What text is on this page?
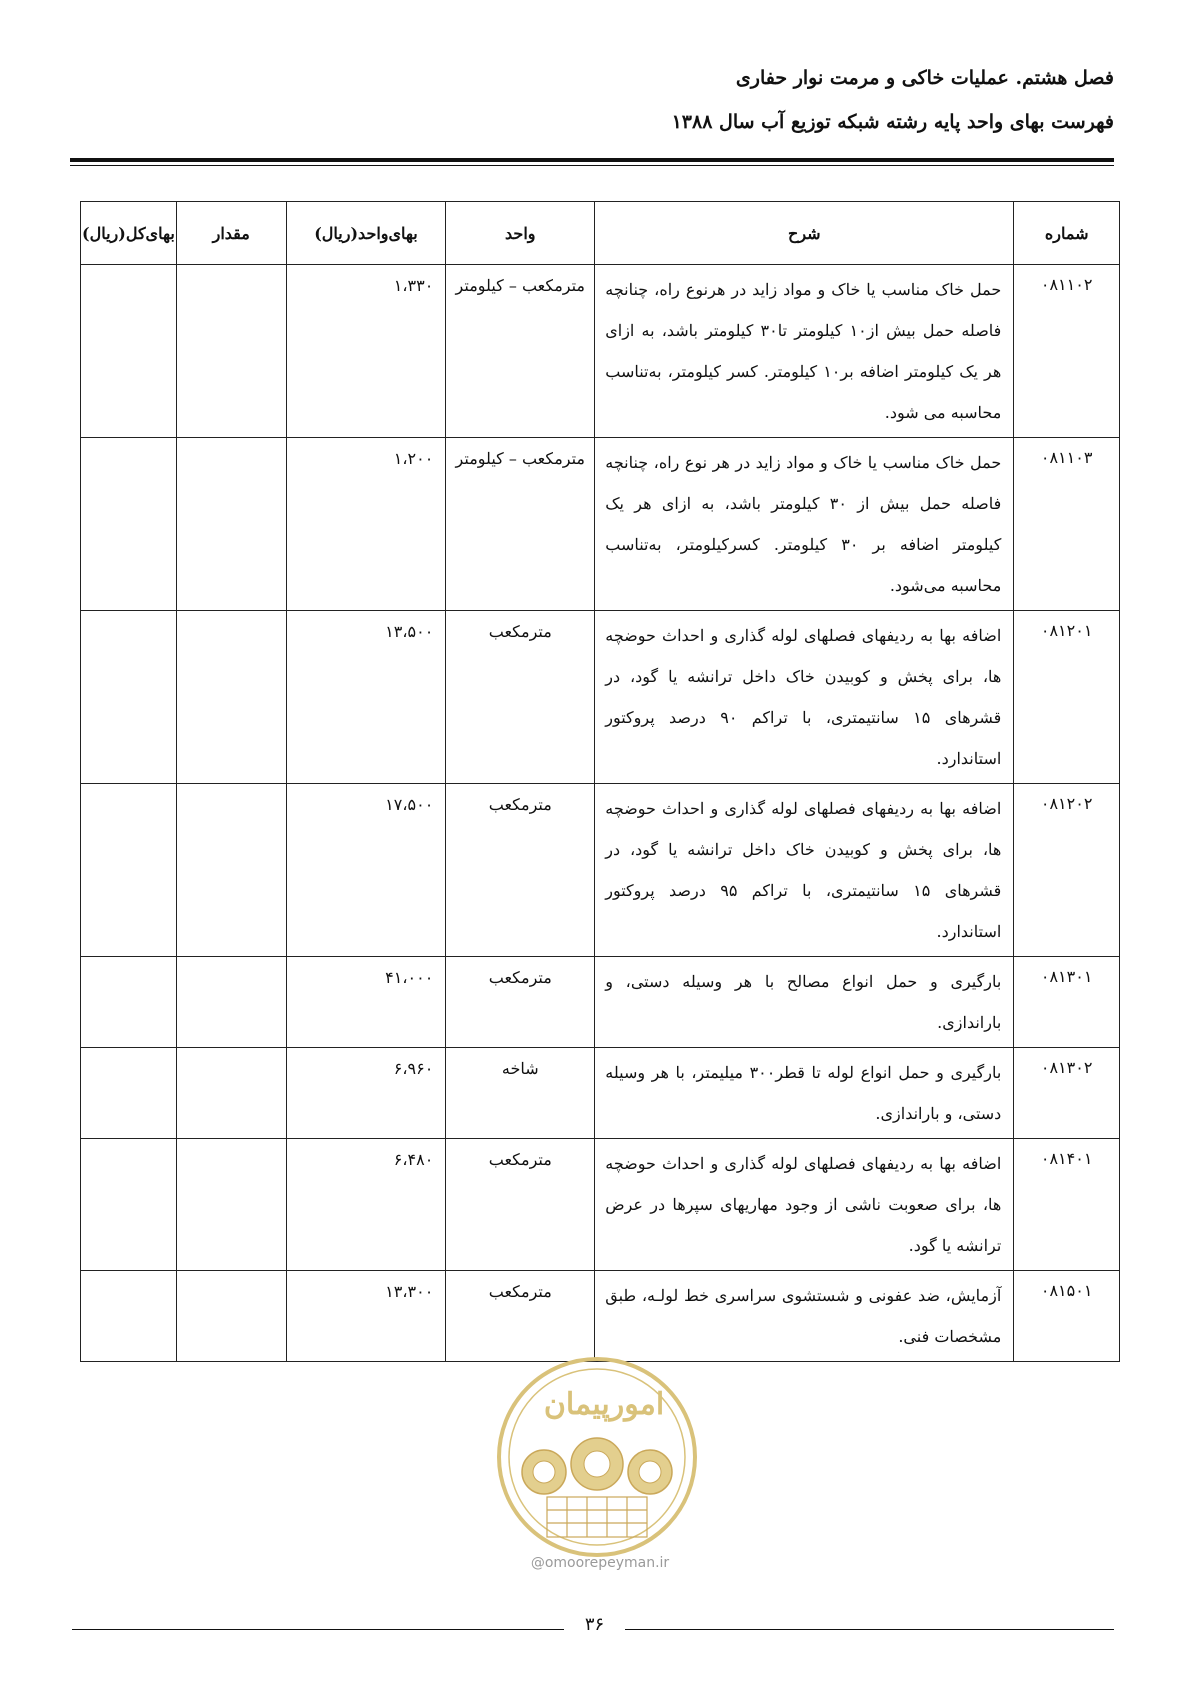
فصل هشتم. عملیات خاکی و مرمت نوار حفاری
فهرست بهای واحد پایه رشته شبکه توزیع آب سال ۱۳۸۸
شماره	شرح	واحد	بهای‌واحد(ریال)	مقدار	بهای‌کل(ریال)
۰۸۱۱۰۲	حمل خاک مناسب یا خاک و مواد زاید در هرنوع راه، چنانچه فاصله حمل بیش از۱۰ کیلومتر تا۳۰ کیلومتر باشد، به ازای هر یک کیلومتر اضافه بر۱۰ کیلومتر. کسر کیلومتر، به‌تناسب محاسبه می شود.	مترمکعب – کیلومتر	۱،۳۳۰		
۰۸۱۱۰۳	حمل خاک مناسب یا خاک و مواد زاید در هر نوع راه، چنانچه فاصله حمل بیش از ۳۰ کیلومتر باشد، به ازای هر یک کیلومتر اضافه بر ۳۰ کیلومتر. کسرکیلومتر، به‌تناسب محاسبه می‌شود.	مترمکعب – کیلومتر	۱،۲۰۰		
۰۸۱۲۰۱	اضافه بها به ردیفهای فصلهای لوله گذاری و احداث حوضچه ها، برای پخش و کوبیدن خاک داخل ترانشه یا گود، در قشرهای ۱۵ سانتیمتری، با تراکم ۹۰ درصد پروکتور استاندارد.	مترمکعب	۱۳،۵۰۰		
۰۸۱۲۰۲	اضافه بها به ردیفهای فصلهای لوله گذاری و احداث حوضچه ها، برای پخش و کوبیدن خاک داخل ترانشه یا گود، در قشرهای ۱۵ سانتیمتری، با تراکم ۹۵ درصد پروکتور استاندارد.	مترمکعب	۱۷،۵۰۰		
۰۸۱۳۰۱	بارگیری و حمل انواع مصالح با هر وسیله دستی، و باراندازی.	مترمکعب	۴۱،۰۰۰		
۰۸۱۳۰۲	بارگیری و حمل انواع لوله تا قطر۳۰۰ میلیمتر، با هر وسیله دستی، و باراندازی.	شاخه	۶،۹۶۰		
۰۸۱۴۰۱	اضافه بها به ردیفهای فصلهای لوله گذاری و احداث حوضچه ها، برای صعوبت ناشی از وجود مهاریهای سپرها در عرض ترانشه یا گود.	مترمکعب	۶،۴۸۰		
۰۸۱۵۰۱	آزمایش، ضد عفونی و شستشوی سراسری خط لولـه، طبق مشخصات فنی.	مترمکعب	۱۳،۳۰۰		
امورپیمان
@omoorepeyman.ir
۳۶
